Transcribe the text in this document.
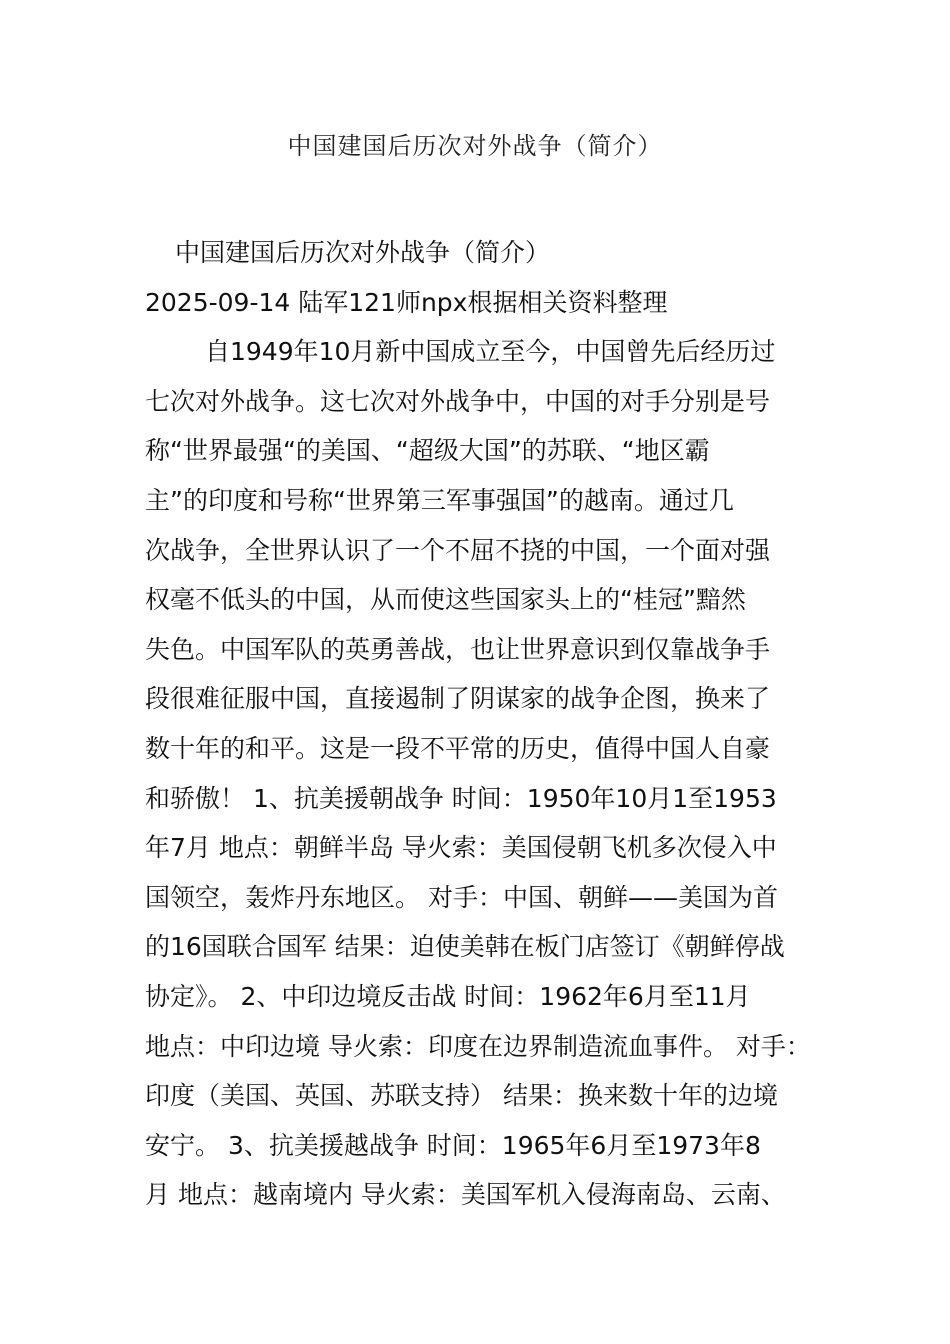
中国建国后历次对外战争（简介）
中国建国后历次对外战争（简介）
2025-09-14 陆军121师npx根据相关资料整理
自1949年10月新中国成立至今，中国曾先后经历过
七次对外战争。这七次对外战争中，中国的对手分别是号
称“世界最强“的美国、“超级大国”的苏联、“地区霸
主”的印度和号称“世界第三军事强国”的越南。通过几
次战争，全世界认识了一个不屈不挠的中国，一个面对强
权毫不低头的中国，从而使这些国家头上的“桂冠”黯然
失色。中国军队的英勇善战，也让世界意识到仅靠战争手
段很难征服中国，直接遏制了阴谋家的战争企图，换来了
数十年的和平。这是一段不平常的历史，值得中国人自豪
和骄傲！ 1、抗美援朝战争 时间：1950年10月1至1953
年7月 地点：朝鲜半岛 导火索：美国侵朝飞机多次侵入中
国领空，轰炸丹东地区。 对手：中国、朝鲜——美国为首
的16国联合国军 结果：迫使美韩在板门店签订《朝鲜停战
协定》。 2、中印边境反击战 时间：1962年6月至11月
地点：中印边境 导火索：印度在边界制造流血事件。 对手：
印度（美国、英国、苏联支持） 结果：换来数十年的边境
安宁。 3、抗美援越战争 时间：1965年6月至1973年8
月 地点：越南境内 导火索：美国军机入侵海南岛、云南、
